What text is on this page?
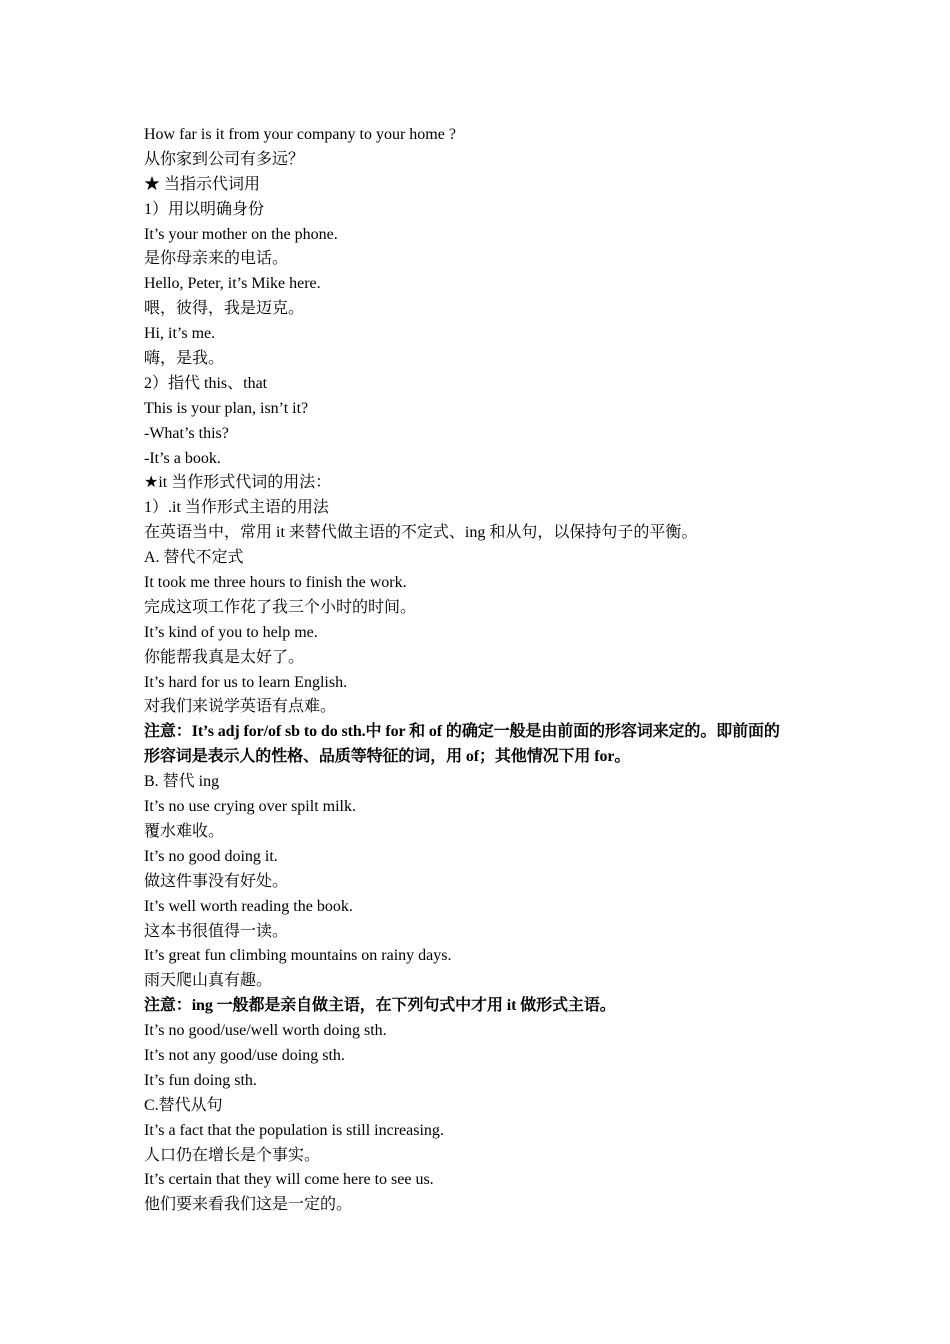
How far is it from your company to your home ?
从你家到公司有多远？
★ 当指示代词用
1）用以明确身份
It’s your mother on the phone.
是你母亲来的电话。
Hello, Peter, it’s Mike here.
喂，彼得，我是迈克。
Hi, it’s me.
嗨，是我。
2）指代 this、that
This is your plan, isn’t it?
-What’s this?
-It’s a book.
★it 当作形式代词的用法：
1）.it 当作形式主语的用法
在英语当中，常用 it 来替代做主语的不定式、ing 和从句，以保持句子的平衡。
A. 替代不定式
It took me three hours to finish the work.
完成这项工作花了我三个小时的时间。
It’s kind of you to help me.
你能帮我真是太好了。
It’s hard for us to learn English.
对我们来说学英语有点难。
注意：It’s adj for/of sb to do sth.中 for 和 of 的确定一般是由前面的形容词来定的。即前面的
形容词是表示人的性格、品质等特征的词，用 of；其他情况下用 for。
B. 替代 ing
It’s no use crying over spilt milk.
覆水难收。
It’s no good doing it.
做这件事没有好处。
It’s well worth reading the book.
这本书很值得一读。
It’s great fun climbing mountains on rainy days.
雨天爬山真有趣。
注意：ing 一般都是亲自做主语，在下列句式中才用 it 做形式主语。
It’s no good/use/well worth doing sth.
It’s not any good/use doing sth.
It’s fun doing sth.
C.替代从句
It’s a fact that the population is still increasing.
人口仍在增长是个事实。
It’s certain that they will come here to see us.
他们要来看我们这是一定的。
